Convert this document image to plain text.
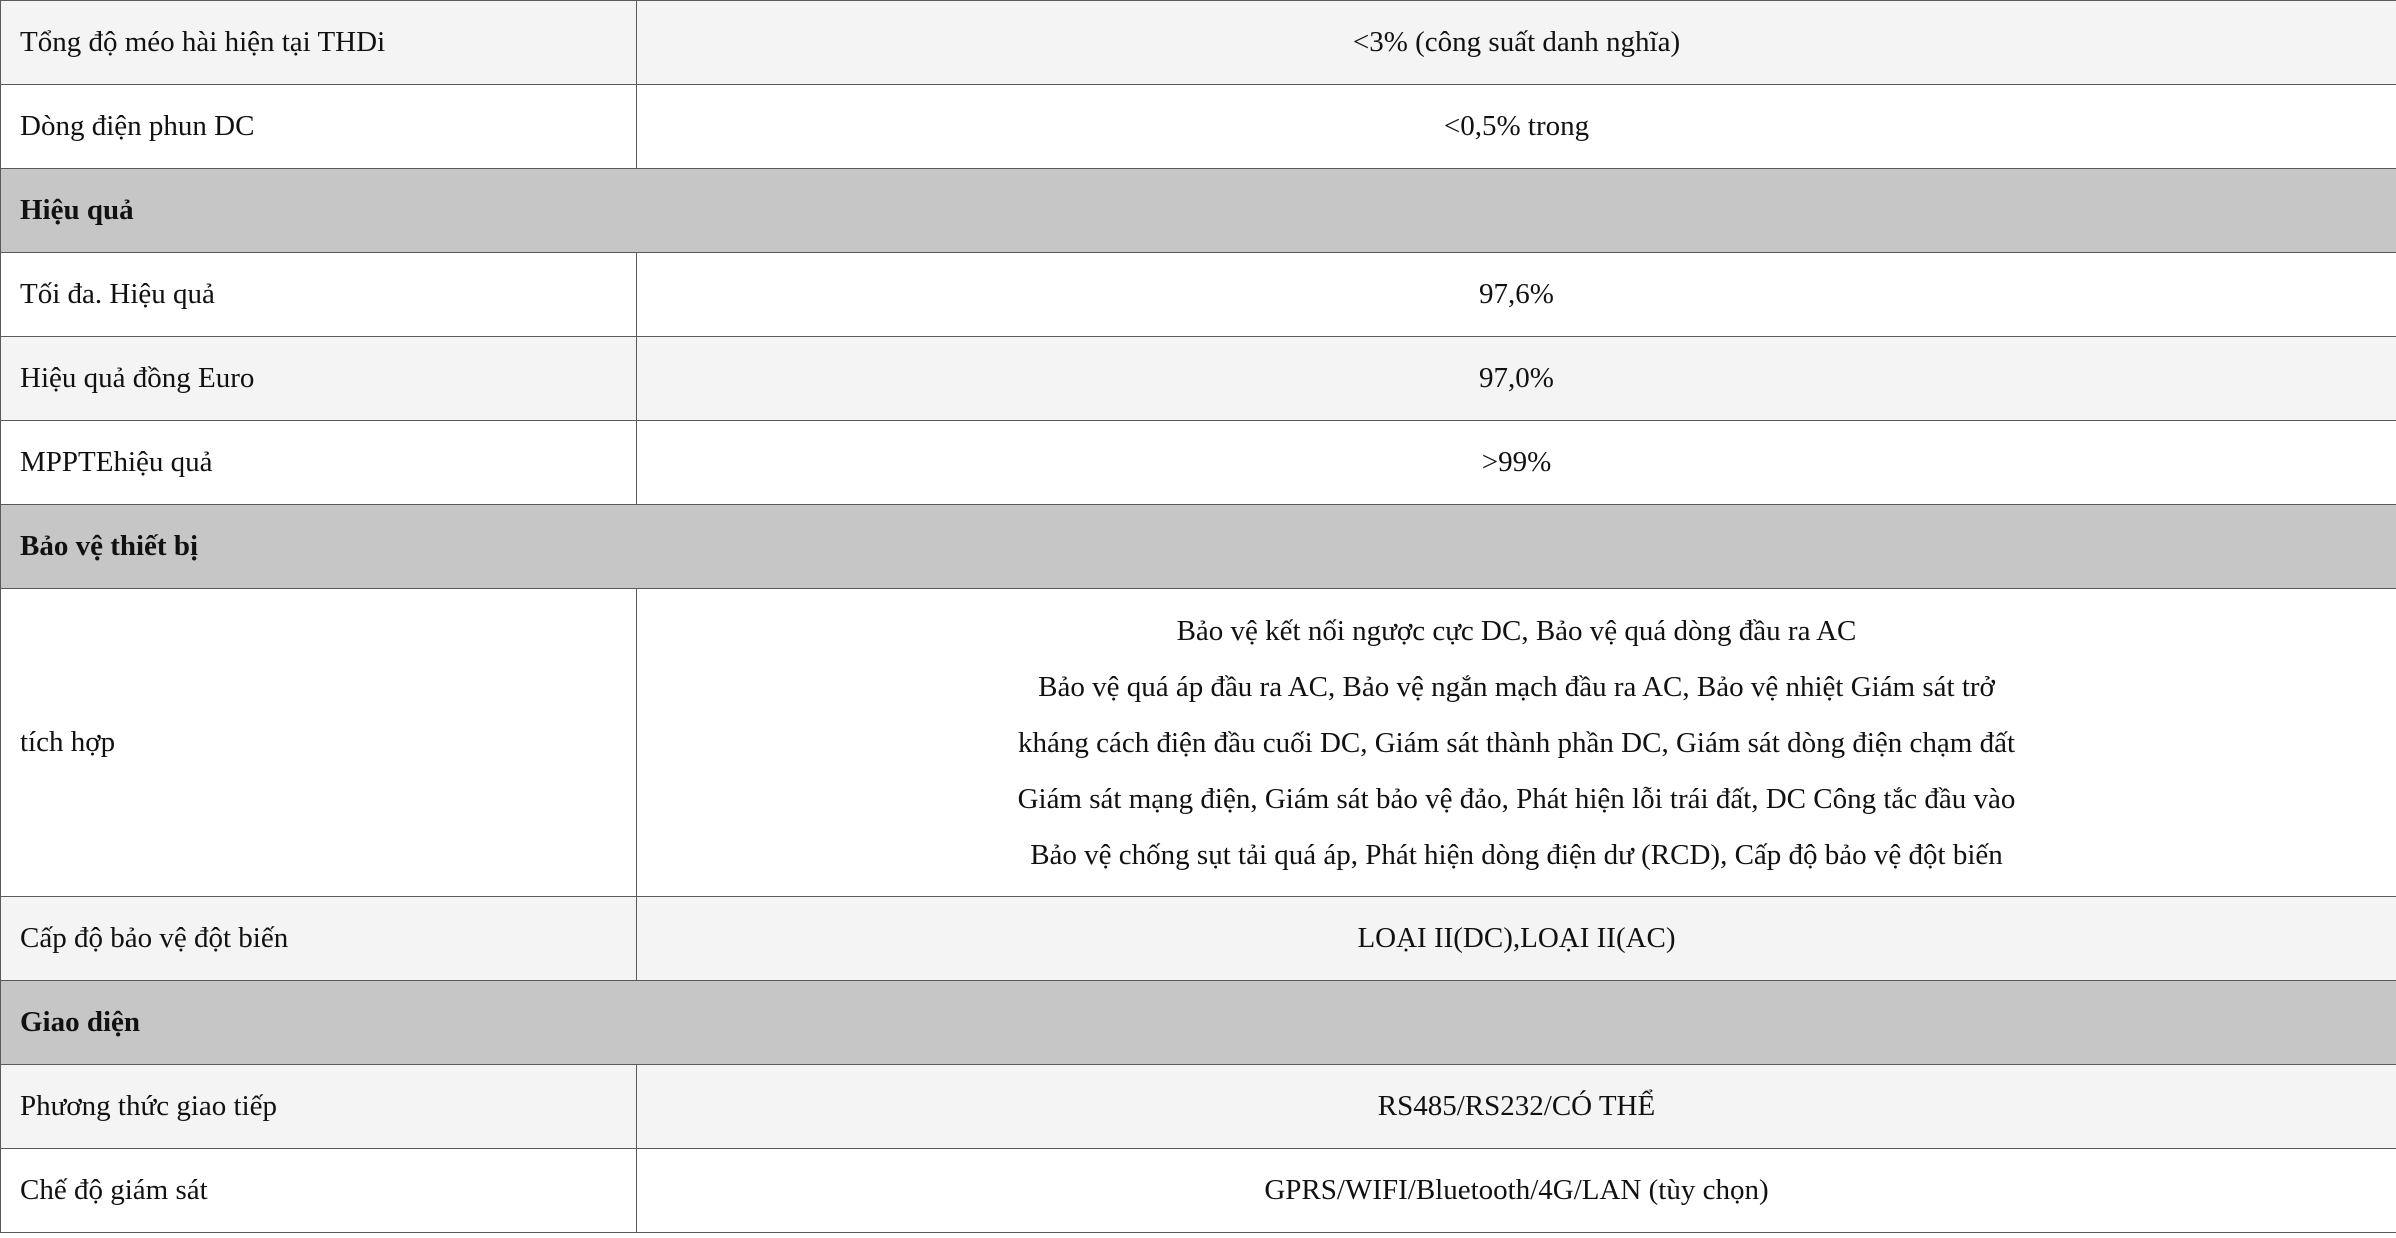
Tổng độ méo hài hiện tại THDi	<3% (công suất danh nghĩa)
Dòng điện phun DC	<0,5% trong
Hiệu quả	
Tối đa. Hiệu quả	97,6%
Hiệu quả đồng Euro	97,0%
MPPTEhiệu quả	>99%
Bảo vệ thiết bị	
tích hợp	Bảo vệ kết nối ngược cực DC, Bảo vệ quá dòng đầu ra AC
Bảo vệ quá áp đầu ra AC, Bảo vệ ngắn mạch đầu ra AC, Bảo vệ nhiệt Giám sát trở
kháng cách điện đầu cuối DC, Giám sát thành phần DC, Giám sát dòng điện chạm đất
Giám sát mạng điện, Giám sát bảo vệ đảo, Phát hiện lỗi trái đất, DC Công tắc đầu vào
Bảo vệ chống sụt tải quá áp, Phát hiện dòng điện dư (RCD), Cấp độ bảo vệ đột biến

Cấp độ bảo vệ đột biến	LOẠI II(DC),LOẠI II(AC)
Giao diện	
Phương thức giao tiếp	RS485/RS232/CÓ THỂ
Chế độ giám sát	GPRS/WIFI/Bluetooth/4G/LAN (tùy chọn)
